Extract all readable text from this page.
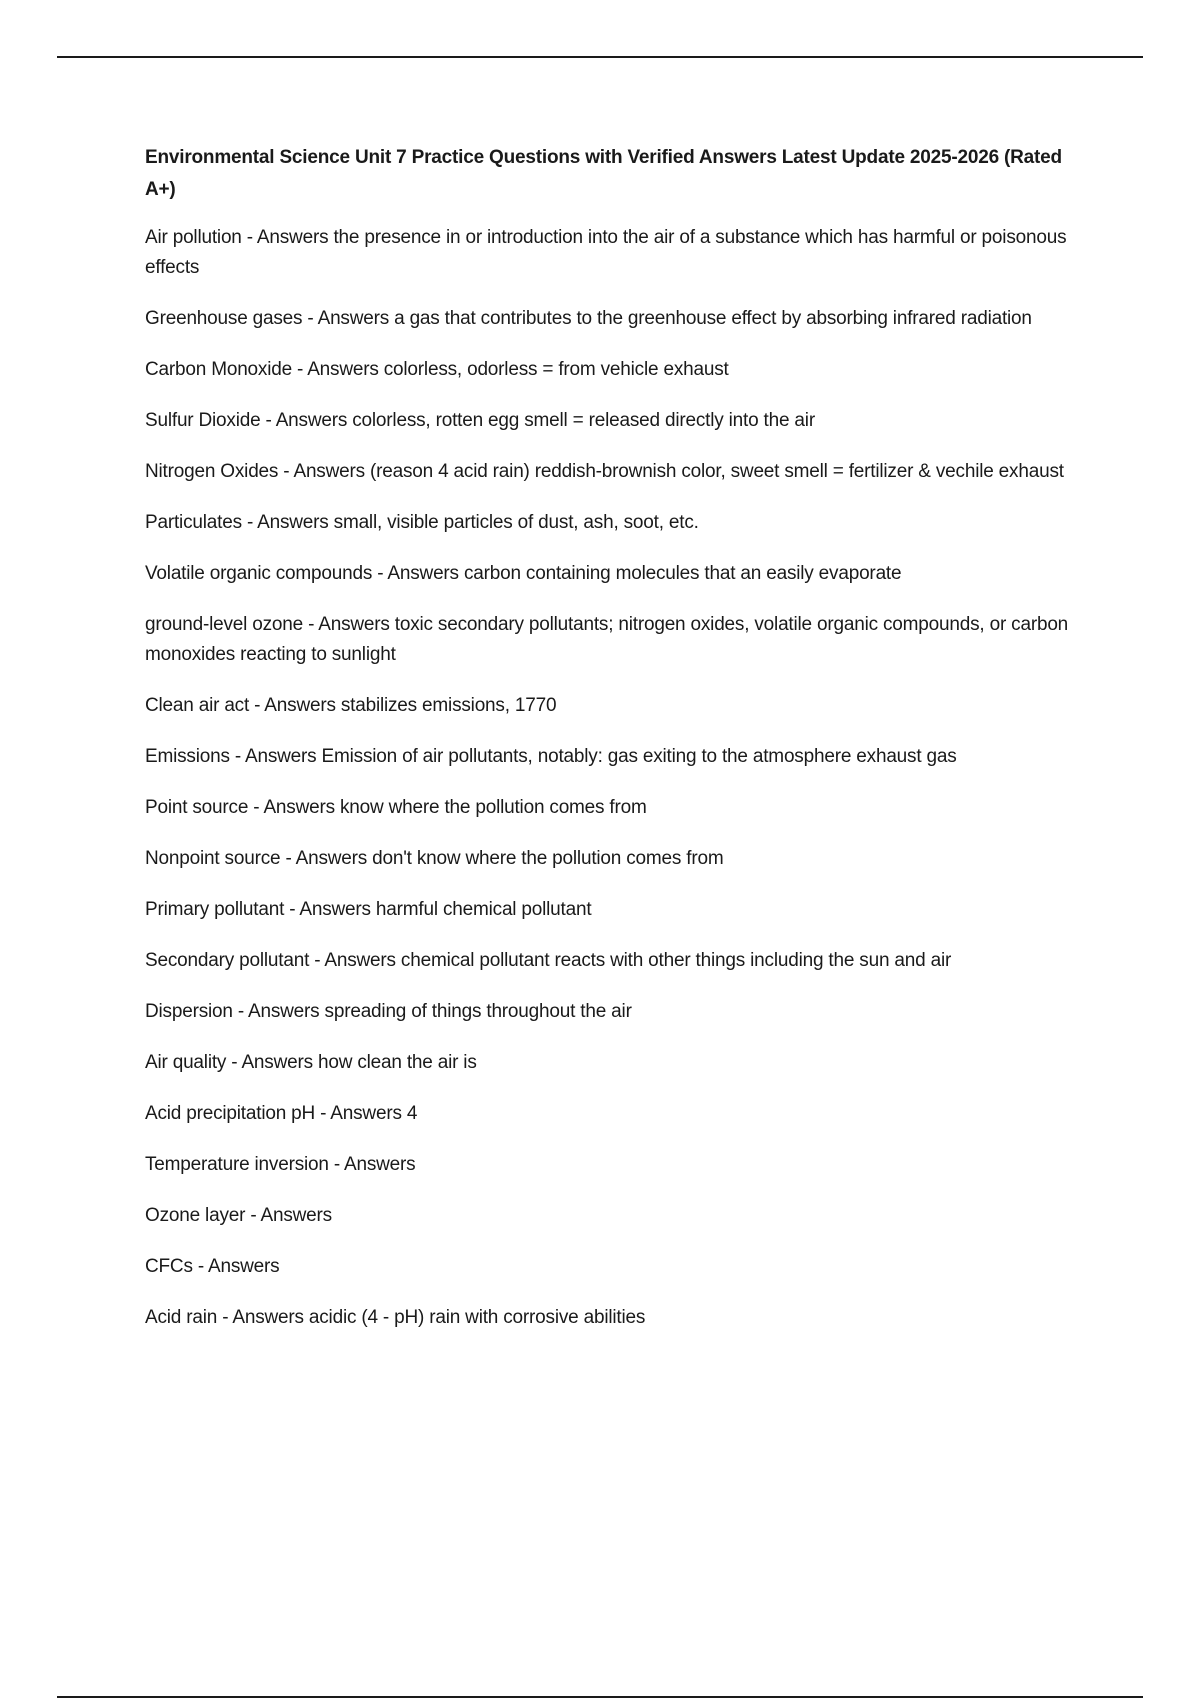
Environmental Science Unit 7 Practice Questions with Verified Answers Latest Update 2025-2026 (Rated A+)

Air pollution - Answers the presence in or introduction into the air of a substance which has harmful or poisonous effects

Greenhouse gases - Answers a gas that contributes to the greenhouse effect by absorbing infrared radiation

Carbon Monoxide - Answers colorless, odorless = from vehicle exhaust

Sulfur Dioxide - Answers colorless, rotten egg smell = released directly into the air

Nitrogen Oxides - Answers (reason 4 acid rain) reddish-brownish color, sweet smell = fertilizer & vechile exhaust

Particulates - Answers small, visible particles of dust, ash, soot, etc.

Volatile organic compounds - Answers carbon containing molecules that an easily evaporate

ground-level ozone - Answers toxic secondary pollutants; nitrogen oxides, volatile organic compounds, or carbon monoxides reacting to sunlight

Clean air act - Answers stabilizes emissions, 1770

Emissions - Answers Emission of air pollutants, notably: gas exiting to the atmosphere exhaust gas

Point source - Answers know where the pollution comes from

Nonpoint source - Answers don't know where the pollution comes from

Primary pollutant - Answers harmful chemical pollutant

Secondary pollutant - Answers chemical pollutant reacts with other things including the sun and air

Dispersion - Answers spreading of things throughout the air

Air quality - Answers how clean the air is

Acid precipitation pH - Answers 4

Temperature inversion - Answers

Ozone layer - Answers

CFCs - Answers

Acid rain - Answers acidic (4 - pH) rain with corrosive abilities
